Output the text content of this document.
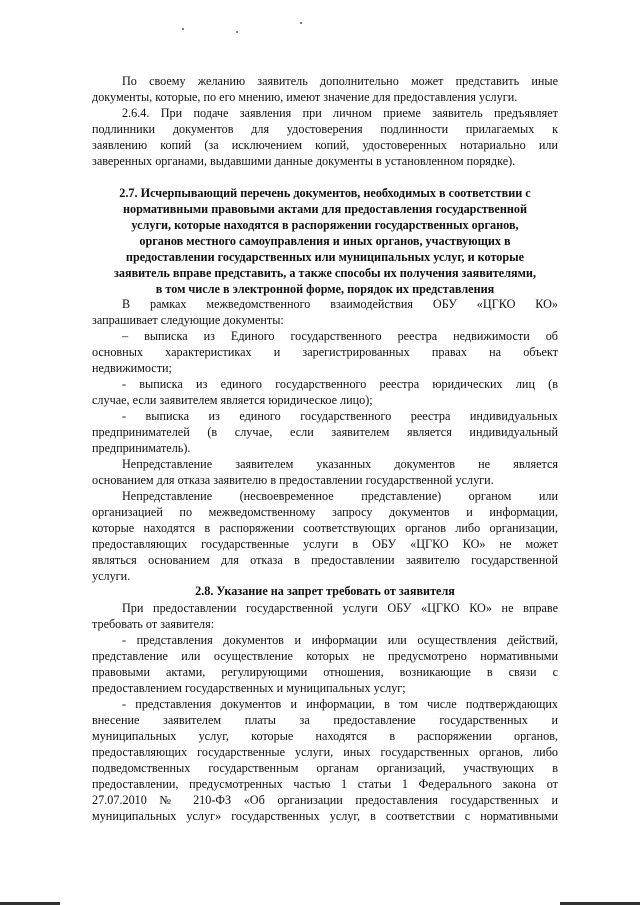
По своему желанию заявитель дополнительно может представить иные
документы, которые, по его мнению, имеют значение для предоставления услуги.
2.6.4. При подаче заявления при личном приеме заявитель предъявляет
подлинники документов для удостоверения подлинности прилагаемых к
заявлению копий (за исключением копий, удостоверенных нотариально или
заверенных органами, выдавшими данные документы в установленном порядке).
2.7. Исчерпывающий перечень документов, необходимых в соответствии с
нормативными правовыми актами для предоставления государственной
услуги, которые находятся в распоряжении государственных органов,
органов местного самоуправления и иных органов, участвующих в
предоставлении государственных или муниципальных услуг, и которые
заявитель вправе представить, а также способы их получения заявителями,
в том числе в электронной форме, порядок их представления
В рамках межведомственного взаимодействия ОБУ «ЦГКО КО»
запрашивает следующие документы:
– выписка из Единого государственного реестра недвижимости об
основных характеристиках и зарегистрированных правах на объект
недвижимости;
- выписка из единого государственного реестра юридических лиц (в
случае, если заявителем является юридическое лицо);
- выписка из единого государственного реестра индивидуальных
предпринимателей (в случае, если заявителем является индивидуальный
предприниматель).
Непредставление заявителем указанных документов не является
основанием для отказа заявителю в предоставлении государственной услуги.
Непредставление (несвоевременное представление) органом или
организацией по межведомственному запросу документов и информации,
которые находятся в распоряжении соответствующих органов либо организации,
предоставляющих государственные услуги в ОБУ «ЦГКО КО» не может
являться основанием для отказа в предоставлении заявителю государственной
услуги.
2.8. Указание на запрет требовать от заявителя
При предоставлении государственной услуги ОБУ «ЦГКО КО» не вправе
требовать от заявителя:
- представления документов и информации или осуществления действий,
представление или осуществление которых не предусмотрено нормативными
правовыми актами, регулирующими отношения, возникающие в связи с
предоставлением государственных и муниципальных услуг;
- представления документов и информации, в том числе подтверждающих
внесение заявителем платы за предоставление государственных и
муниципальных услуг, которые находятся в распоряжении органов,
предоставляющих государственные услуги, иных государственных органов, либо
подведомственных государственным органам организаций, участвующих в
предоставлении, предусмотренных частью 1 статьи 1 Федерального закона от
27.07.2010 № 210-ФЗ «Об организации предоставления государственных и
муниципальных услуг» государственных услуг, в соответствии с нормативными
